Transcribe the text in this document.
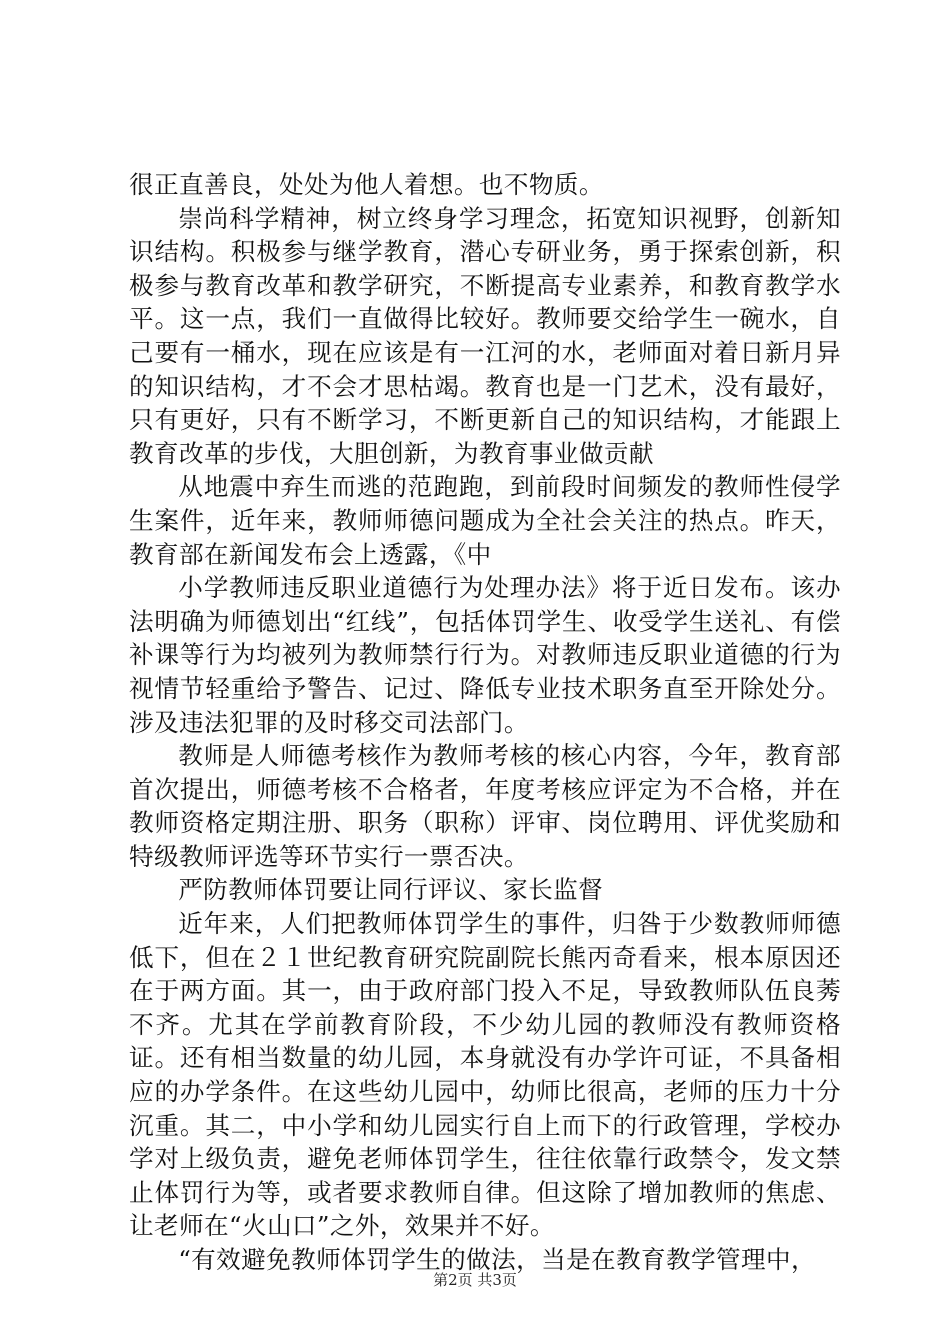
很正直善良，处处为他人着想。也不物质。

崇尚科学精神，树立终身学习理念，拓宽知识视野，创新知识结构。积极参与继学教育，潜心专研业务，勇于探索创新，积极参与教育改革和教学研究，不断提高专业素养，和教育教学水平。这一点，我们一直做得比较好。教师要交给学生一碗水，自己要有一桶水，现在应该是有一江河的水，老师面对着日新月异的知识结构，才不会才思枯竭。教育也是一门艺术，没有最好，只有更好，只有不断学习，不断更新自己的知识结构，才能跟上教育改革的步伐，大胆创新，为教育事业做贡献

从地震中弃生而逃的范跑跑，到前段时间频发的教师性侵学生案件，近年来，教师师德问题成为全社会关注的热点。昨天，教育部在新闻发布会上透露，《中

小学教师违反职业道德行为处理办法》将于近日发布。该办法明确为师德划出“红线”，包括体罚学生、收受学生送礼、有偿补课等行为均被列为教师禁行行为。对教师违反职业道德的行为视情节轻重给予警告、记过、降低专业技术职务直至开除处分。涉及违法犯罪的及时移交司法部门。

教师是人师德考核作为教师考核的核心内容，今年，教育部首次提出，师德考核不合格者，年度考核应评定为不合格，并在教师资格定期注册、职务（职称）评审、岗位聘用、评优奖励和特级教师评选等环节实行一票否决。

严防教师体罚要让同行评议、家长监督

近年来，人们把教师体罚学生的事件，归咎于少数教师师德低下，但在２１世纪教育研究院副院长熊丙奇看来，根本原因还在于两方面。其一，由于政府部门投入不足，导致教师队伍良莠不齐。尤其在学前教育阶段，不少幼儿园的教师没有教师资格证。还有相当数量的幼儿园，本身就没有办学许可证，不具备相应的办学条件。在这些幼儿园中，幼师比很高，老师的压力十分沉重。其二，中小学和幼儿园实行自上而下的行政管理，学校办学对上级负责，避免老师体罚学生，往往依靠行政禁令，发文禁止体罚行为等，或者要求教师自律。但这除了增加教师的焦虑、让老师在“火山口”之外，效果并不好。

“有效避免教师体罚学生的做法，当是在教育教学管理中，

第2页 共3页
